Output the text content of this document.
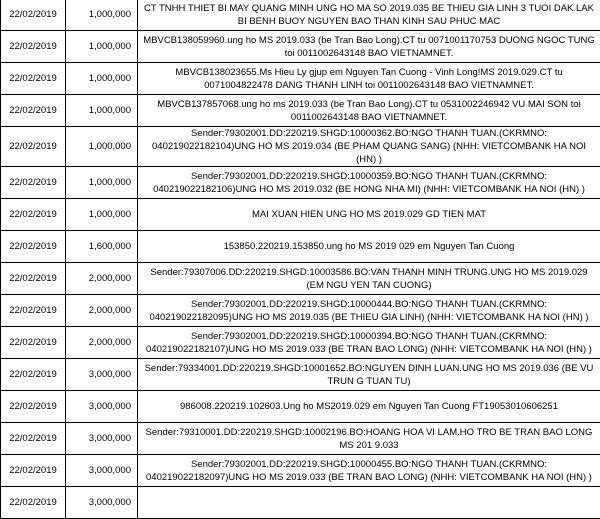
22/02/2019	1,000,000	CT TNHH THIET BI MAY QUANG MINH UNG HO MA SO 2019.035 BE THIEU GIA LINH 3 TUOI DAK LAK BI BENH BUOY NGUYEN BAO THAN KINH SAU PHUC MAC
22/02/2019	1,000,000	MBVCB138059960.ung ho MS 2019.033 (be Tran Bao Long).CT tu 0071001170753 DUONG NGOC TUNG toi 0011002643148 BAO VIETNAMNET.
22/02/2019	1,000,000	MBVCB138023655.Ms Hieu Ly gjup em Nguyen Tan Cuong - Vinh Long!MS 2019.029.CT tu 0071004822478 DANG THANH LINH toi 0011002643148 BAO VIETNAMNET.
22/02/2019	1,000,000	MBVCB137857068.ung ho ms 2019.033 (be Tran Bao Long).CT tu 0531002246942 VU MAI SON toi 0011002643148 BAO VIETNAMNET.
22/02/2019	1,000,000	Sender:79302001.DD:220219.SHGD:10000362.BO:NGO THANH TUAN.(CKRMNO: 040219022182104)UNG HO MS 2019.034 (BE PHAM QUANG SANG) (NHH: VIETCOMBANK HA NOI (HN) )
22/02/2019	1,000,000	Sender:79302001.DD:220219.SHGD:10000359.BO:NGO THANH TUAN.(CKRMNO: 040219022182106)UNG HO MS 2019.032 (BE HONG NHA MI) (NHH: VIETCOMBANK HA NOI (HN) )
22/02/2019	1,000,000	MAI XUAN HIEN UNG HO MS 2019.029 GD TIEN MAT
22/02/2019	1,600,000	153850.220219.153850.ung ho MS 2019 029 em Nguyen Tan Cuong
22/02/2019	2,000,000	Sender:79307006.DD:220219.SHGD:10003586.BO:VAN THANH MINH TRUNG.UNG HO MS 2019.029 (EM NGU YEN TAN CUONG)
22/02/2019	2,000,000	Sender:79302001.DD:220219.SHGD:10000444.BO:NGO THANH TUAN.(CKRMNO: 040219022182095)UNG HO MS 2019.035 (BE THIEU GIA LINH) (NHH: VIETCOMBANK HA NOI (HN) )
22/02/2019	2,000,000	Sender:79302001.DD:220219.SHGD:10000394.BO:NGO THANH TUAN.(CKRMNO: 040219022182107)UNG HO MS 2019.033 (BE TRAN BAO LONG) (NHH: VIETCOMBANK HA NOI (HN) )
22/02/2019	3,000,000	Sender:79334001.DD:220219.SHGD:10001652.BO:NGUYEN DINH LUAN.UNG HO MS 2019.036 (BE VU TRUN G TUAN TU)
22/02/2019	3,000,000	986008.220219.102603.Ung ho MS2019.029 em Nguyen Tan Cuong FT19053010606251
22/02/2019	3,000,000	Sender:79310001.DD:220219.SHGD:10002196.BO:HOANG HOA VI LAM.HO TRO BE TRAN BAO LONG MS 201 9.033
22/02/2019	3,000,000	Sender:79302001.DD:220219.SHGD:10000455.BO:NGO THANH TUAN.(CKRMNO: 040219022182097)UNG HO MS 2019.033 (BE TRAN BAO LONG) (NHH: VIETCOMBANK HA NOI (HN) )
22/02/2019	3,000,000	
